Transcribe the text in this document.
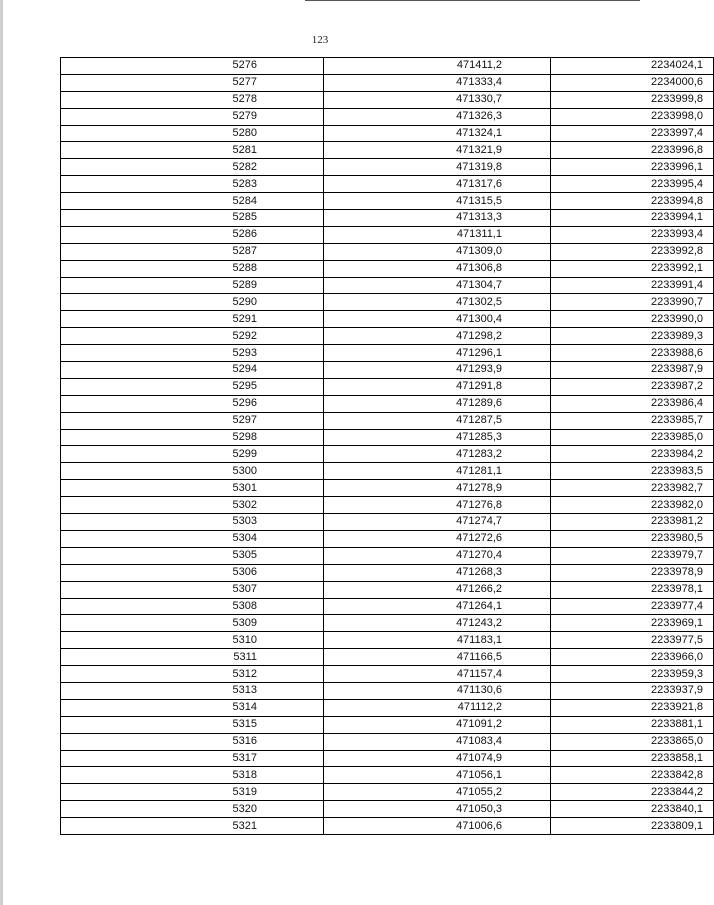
123
5276	471411,2	2234024,1
5277	471333,4	2234000,6
5278	471330,7	2233999,8
5279	471326,3	2233998,0
5280	471324,1	2233997,4
5281	471321,9	2233996,8
5282	471319,8	2233996,1
5283	471317,6	2233995,4
5284	471315,5	2233994,8
5285	471313,3	2233994,1
5286	471311,1	2233993,4
5287	471309,0	2233992,8
5288	471306,8	2233992,1
5289	471304,7	2233991,4
5290	471302,5	2233990,7
5291	471300,4	2233990,0
5292	471298,2	2233989,3
5293	471296,1	2233988,6
5294	471293,9	2233987,9
5295	471291,8	2233987,2
5296	471289,6	2233986,4
5297	471287,5	2233985,7
5298	471285,3	2233985,0
5299	471283,2	2233984,2
5300	471281,1	2233983,5
5301	471278,9	2233982,7
5302	471276,8	2233982,0
5303	471274,7	2233981,2
5304	471272,6	2233980,5
5305	471270,4	2233979,7
5306	471268,3	2233978,9
5307	471266,2	2233978,1
5308	471264,1	2233977,4
5309	471243,2	2233969,1
5310	471183,1	2233977,5
5311	471166,5	2233966,0
5312	471157,4	2233959,3
5313	471130,6	2233937,9
5314	471112,2	2233921,8
5315	471091,2	2233881,1
5316	471083,4	2233865,0
5317	471074,9	2233858,1
5318	471056,1	2233842,8
5319	471055,2	2233844,2
5320	471050,3	2233840,1
5321	471006,6	2233809,1
